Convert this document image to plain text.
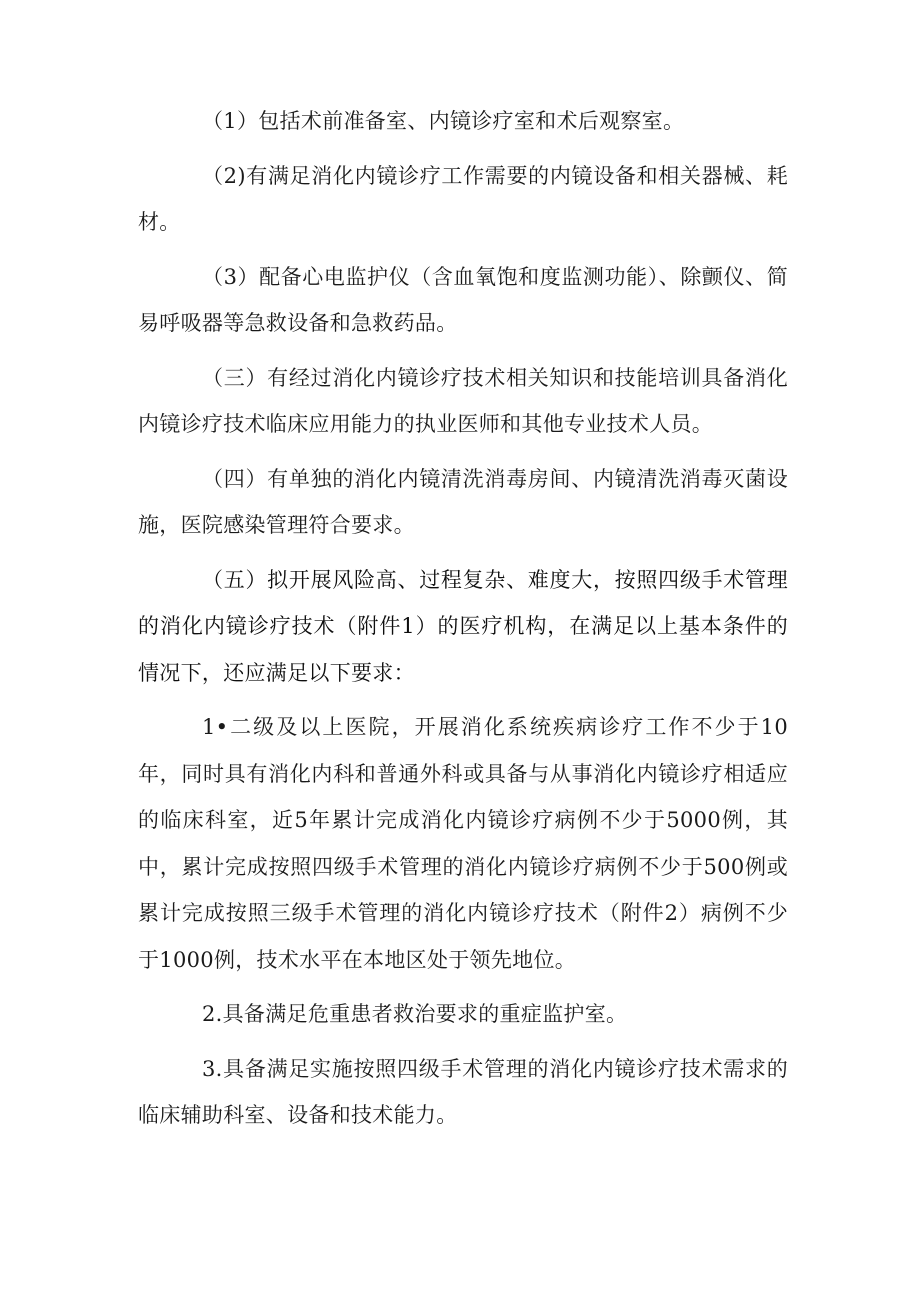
（1）包括术前准备室、内镜诊疗室和术后观察室。

（2)有满足消化内镜诊疗工作需要的内镜设备和相关器械、耗材。

（3）配备心电监护仪（含血氧饱和度监测功能）、除颤仪、简易呼吸器等急救设备和急救药品。

（三）有经过消化内镜诊疗技术相关知识和技能培训具备消化内镜诊疗技术临床应用能力的执业医师和其他专业技术人员。

（四）有单独的消化内镜清洗消毒房间、内镜清洗消毒灭菌设施，医院感染管理符合要求。

（五）拟开展风险高、过程复杂、难度大，按照四级手术管理的消化内镜诊疗技术（附件1）的医疗机构，在满足以上基本条件的情况下，还应满足以下要求：

1•二级及以上医院，开展消化系统疾病诊疗工作不少于10年，同时具有消化内科和普通外科或具备与从事消化内镜诊疗相适应的临床科室，近5年累计完成消化内镜诊疗病例不少于5000例，其中，累计完成按照四级手术管理的消化内镜诊疗病例不少于500例或累计完成按照三级手术管理的消化内镜诊疗技术（附件2）病例不少于1000例，技术水平在本地区处于领先地位。

2.具备满足危重患者救治要求的重症监护室。

3.具备满足实施按照四级手术管理的消化内镜诊疗技术需求的临床辅助科室、设备和技术能力。
